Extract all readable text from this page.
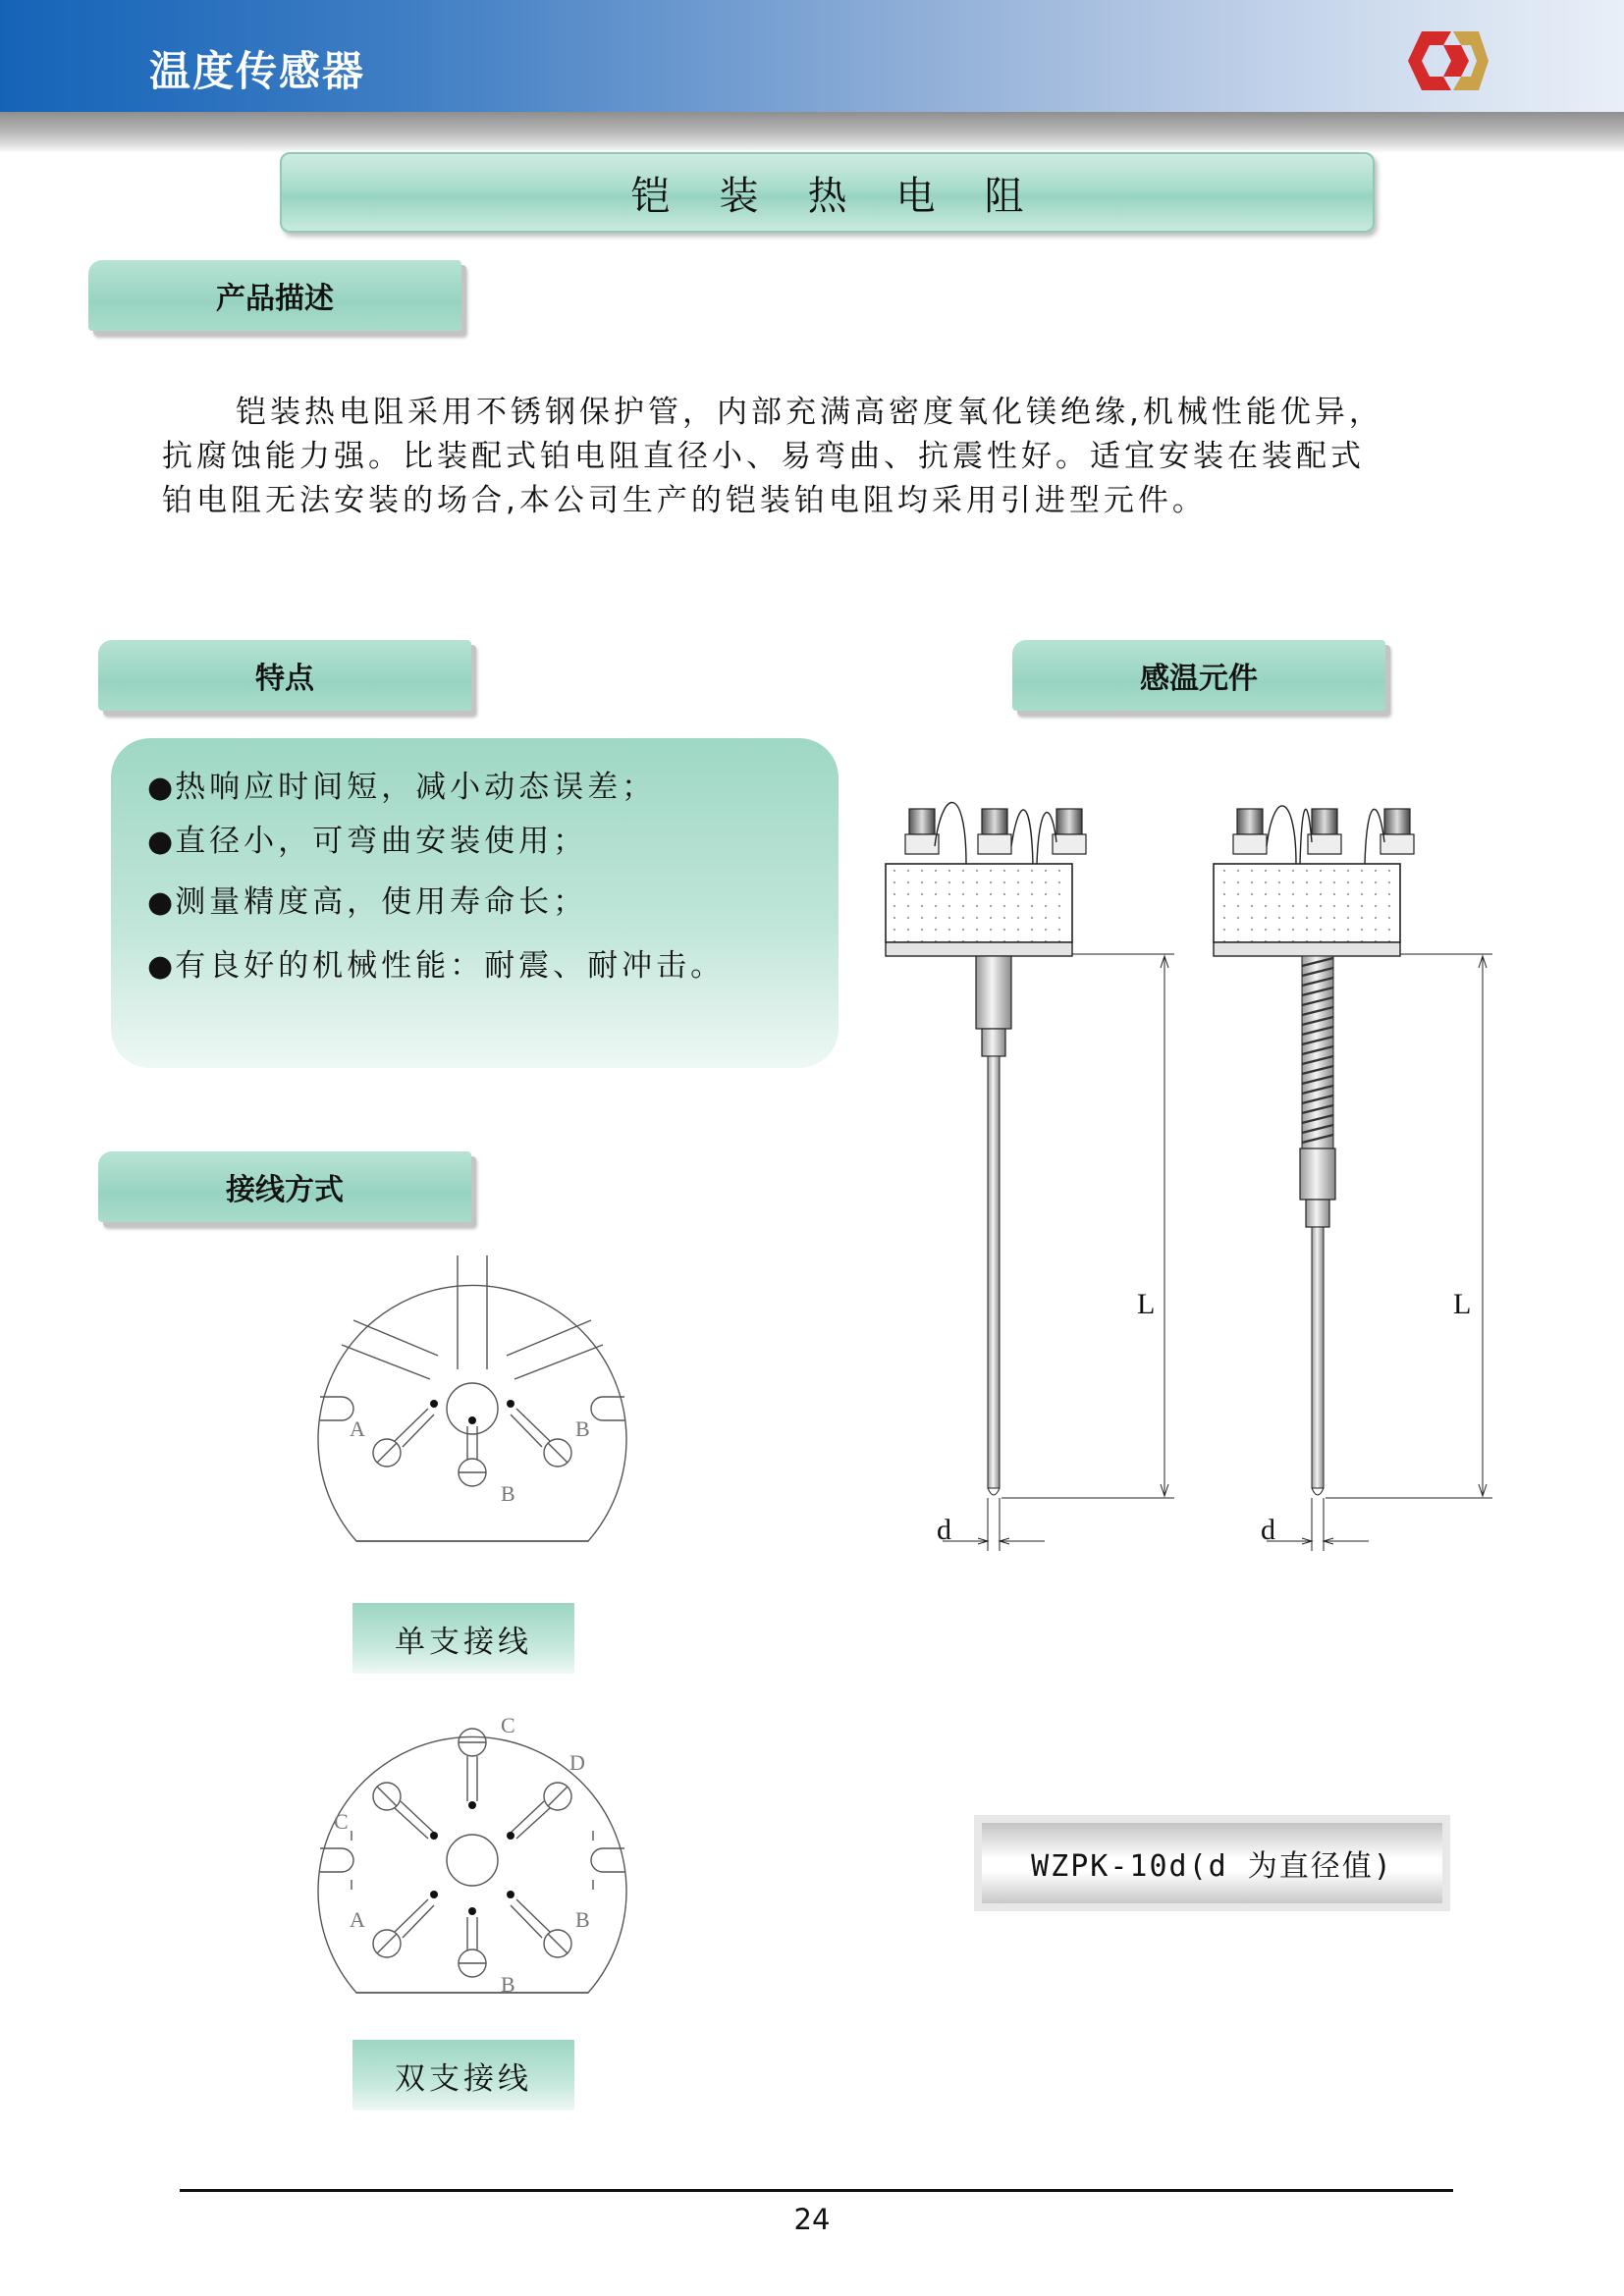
温度传感器
铠装热电阻
产品描述

铠装热电阻采用不锈钢保护管，内部充满高密度氧化镁绝缘,机械性能优异，

抗腐蚀能力强。比装配式铂电阻直径小、易弯曲、抗震性好。适宜安装在装配式

铂电阻无法安装的场合,本公司生产的铠装铂电阻均采用引进型元件。

特点
●热响应时间短，减小动态误差；
●直径小，可弯曲安装使用；
●测量精度高，使用寿命长；
●有良好的机械性能：耐震、耐冲击。
感温元件
接线方式
A	B
B
单支接线
C
D
C
A	B
B
双支接线
L
d
L
d
WZPK-10d(d 为直径值)
24
